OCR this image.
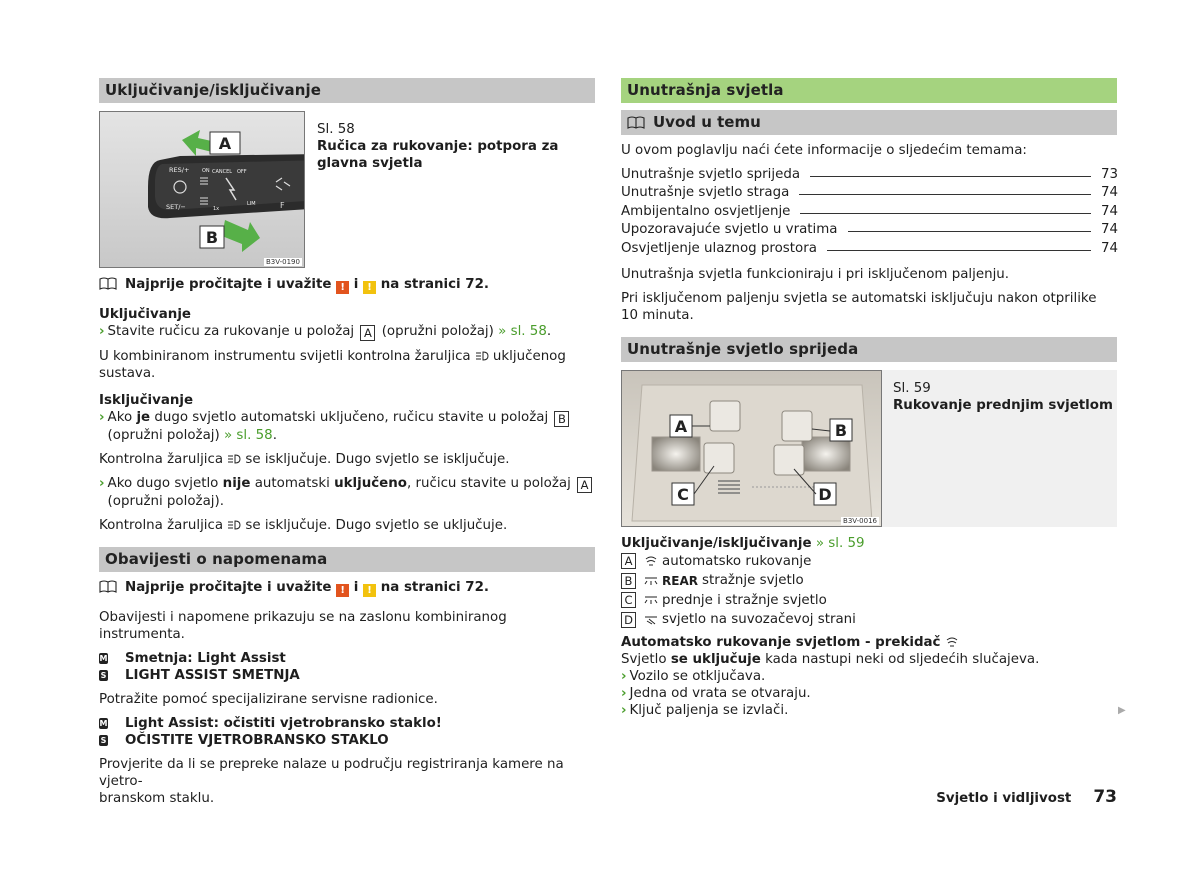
Uključivanje/isključivanje
A
B
RES/+
SET/−
ON CANCEL OFF
1x
LIM	F
B3V-0190
Sl. 58
Ručica za rukovanje: potpora za glavna svjetla

Najprije pročitajte i uvažite ! i ! na stranici 72.

Uključivanje

› Stavite ručicu za rukovanje u položaj A (opružni položaj) » sl. 58.

U kombiniranom instrumentu svijetli kontrolna žaruljica uključenog sustava.

Isključivanje

› Ako je dugo svjetlo automatski uključeno, ručicu stavite u položaj B (opružni položaj) » sl. 58.

Kontrolna žaruljica se isključuje. Dugo svjetlo se isključuje.

› Ako dugo svjetlo nije automatski uključeno, ručicu stavite u položaj A (opružni položaj).

Kontrolna žaruljica se isključuje. Dugo svjetlo se uključuje.

Obavijesti o napomenama

Najprije pročitajte i uvažite ! i ! na stranici 72.

Obavijesti i napomene prikazuju se na zaslonu kombiniranog instrumenta.

M Smetnja: Light Assist
S LIGHT ASSIST SMETNJA

Potražite pomoć specijalizirane servisne radionice.

M Light Assist: očistiti vjetrobransko staklo!
S OČISTITE VJETROBRANSKO STAKLO

Provjerite da li se prepreke nalaze u području registriranja kamere na vjetro-
branskom staklu.

Unutrašnja svjetla
Uvod u temu

U ovom poglavlju naći ćete informacije o sljedećim temama:

Unutrašnje svjetlo sprijeda	73
Unutrašnje svjetlo straga	74
Ambijentalno osvjetljenje	74
Upozoravajuće svjetlo u vratima	74
Osvjetljenje ulaznog prostora	74

Unutrašnja svjetla funkcioniraju i pri isključenom paljenju.

Pri isključenom paljenju svjetla se automatski isključuju nakon otprilike 10 minuta.

Unutrašnje svjetlo sprijeda
A	B
C	D
B3V-0016
Sl. 59
Rukovanje prednjim svjetlom

Uključivanje/isključivanje » sl. 59

A automatsko rukovanje
B REAR stražnje svjetlo
C prednje i stražnje svjetlo
D svjetlo na suvozačevoj strani

Automatsko rukovanje svjetlom - prekidač

Svjetlo se uključuje kada nastupi neki od sljedećih slučajeva.

› Vozilo se otključava.

› Jedna od vrata se otvaraju.

› Ključ paljenja se izvlači.	▶
Svjetlo i vidljivost 73
